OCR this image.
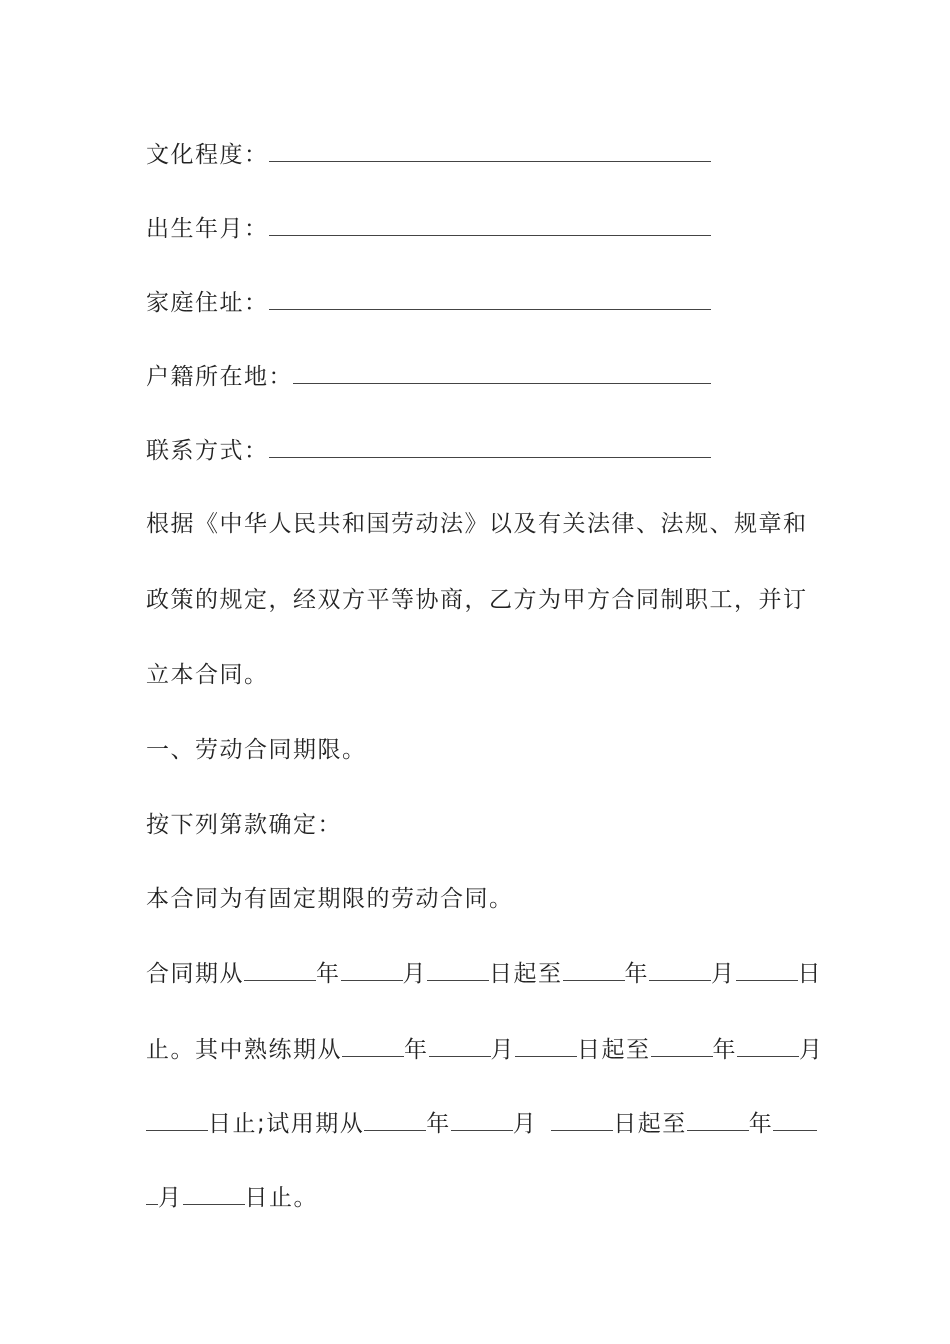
文化程度：
出生年月：
家庭住址：
户籍所在地：
联系方式：
根据《中华人民共和国劳动法》以及有关法律、法规、规章和
政策的规定，经双方平等协商，乙方为甲方合同制职工，并订
立本合同。
一、劳动合同期限。
按下列第款确定：
本合同为有固定期限的劳动合同。
合同期从	年	月	日起至	年	月	日
止。其中熟练期从	年	月	日起至	年	月
日止;试用期从	年	月	日起至	年
月	日止。
